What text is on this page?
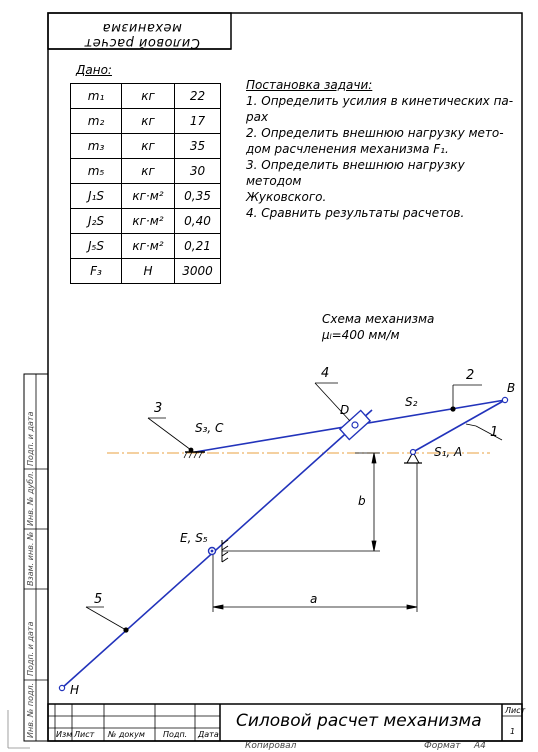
Силовой расчет механизма
Дано:
m₁	кг	22
m₂	кг	17
m₃	кг	35
m₅	кг	30
J₁S	кг·м²	0,35
J₂S	кг·м²	0,40
J₅S	кг·м²	0,21
F₃	Н	3000
Постановка задачи:
1. Определить усилия в кинетических па-
рах
2. Определить внешнюю нагрузку мето-
дом расчленения механизма F₁.
3. Определить внешнюю нагрузку методом
Жуковского.
4. Сравнить результаты расчетов.
Схема механизма
μₗ=400 мм/м
5
3
4	2
1
B
D
S₂
S₃, C
S₁, A
E, S₅
H
a
b
Подп. и дата
Инв. № дубл.
Взам. инв. №
Подп. и дата
Инв. № подл.	Изм Лист № докум Подп. Дата
Силовой расчет механизма
Лист
1
Копировал	Формат А4
